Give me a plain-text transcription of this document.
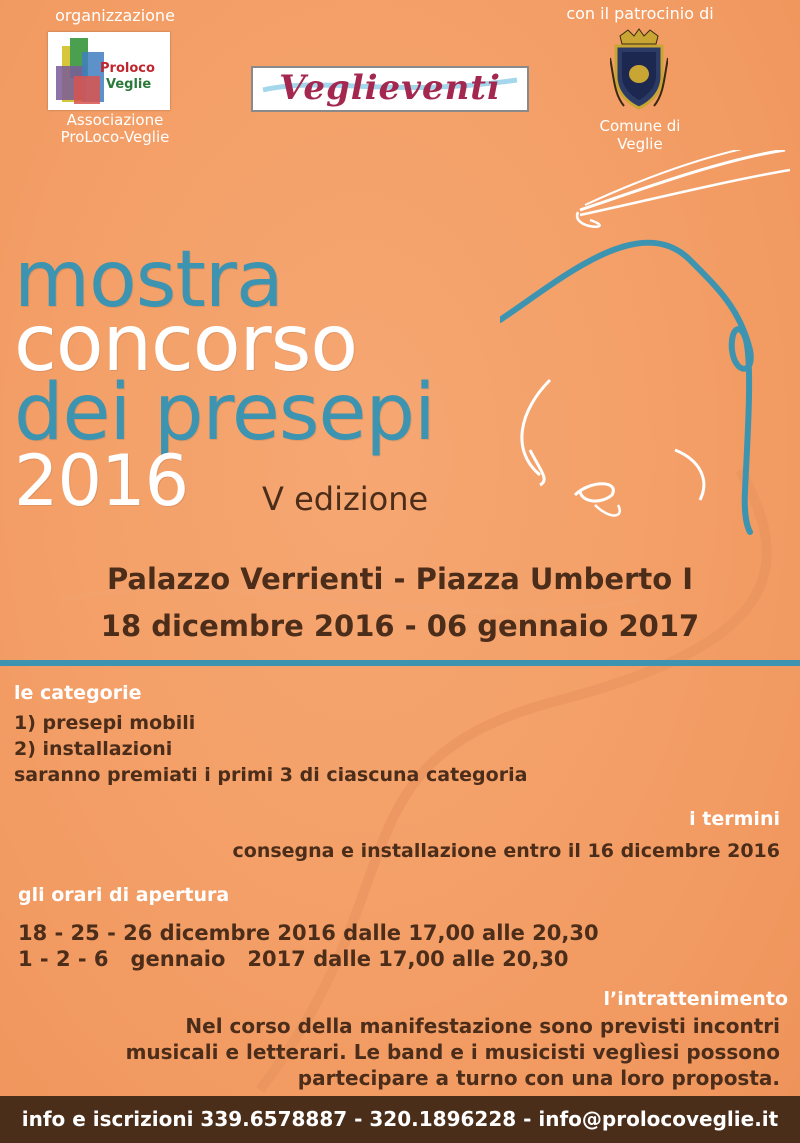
organizzazione
Proloco
Veglie
Associazione
ProLoco-Veglie
Veglieventi
con il patrocinio di
Comune di
Veglie
mostra
concorso
dei presepi
2016 V edizione
Palazzo Verrienti - Piazza Umberto I
18 dicembre 2016 - 06 gennaio 2017
le categorie
1) presepi mobili
2) installazioni
saranno premiati i primi 3 di ciascuna categoria
i termini
consegna e installazione entro il 16 dicembre 2016
gli orari di apertura
18 - 25 - 26 dicembre 2016 dalle 17,00 alle 20,30
1 - 2 - 6   gennaio   2017 dalle 17,00 alle 20,30
l’intrattenimento
Nel corso della manifestazione sono previsti incontri
musicali e letterari. Le band e i musicisti veglìesi possono
partecipare a turno con una loro proposta.
info e iscrizioni 339.6578887 - 320.1896228 - info@prolocoveglie.it
